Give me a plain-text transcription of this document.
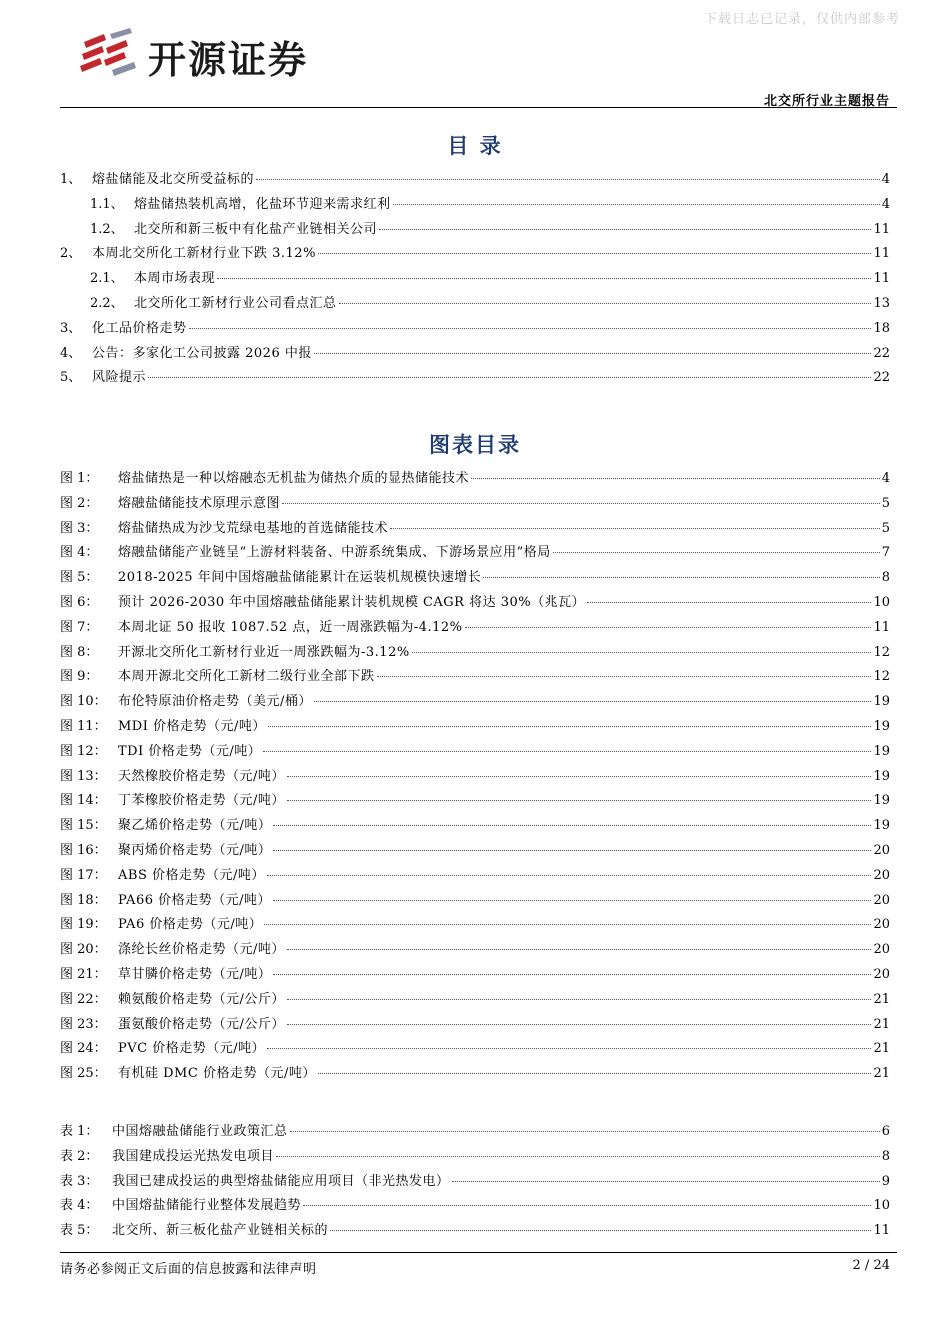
下载日志已记录，仅供内部参考
开源证券
北交所行业主题报告
目 录
1、 熔盐储能及北交所受益标的	4
1.1、 熔盐储热装机高增，化盐环节迎来需求红利	4
1.2、 北交所和新三板中有化盐产业链相关公司	11
2、 本周北交所化工新材行业下跌 3.12%	11
2.1、 本周市场表现	11
2.2、 北交所化工新材行业公司看点汇总	13
3、 化工品价格走势	18
4、 公告：多家化工公司披露 2026 中报	22
5、 风险提示	22
图表目录
图 1：	熔盐储热是一种以熔融态无机盐为储热介质的显热储能技术	4
图 2：	熔融盐储能技术原理示意图	5
图 3：	熔盐储热成为沙戈荒绿电基地的首选储能技术	5
图 4：	熔融盐储能产业链呈“上游材料装备、中游系统集成、下游场景应用”格局	7
图 5：	2018-2025 年间中国熔融盐储能累计在运装机规模快速增长	8
图 6：	预计 2026-2030 年中国熔融盐储能累计装机规模 CAGR 将达 30%（兆瓦）	10
图 7：	本周北证 50 报收 1087.52 点，近一周涨跌幅为-4.12%	11
图 8：	开源北交所化工新材行业近一周涨跌幅为-3.12%	12
图 9：	本周开源北交所化工新材二级行业全部下跌	12
图 10： 布伦特原油价格走势（美元/桶）	19
图 11： MDI 价格走势（元/吨）	19
图 12： TDI 价格走势（元/吨）	19
图 13： 天然橡胶价格走势（元/吨）	19
图 14： 丁苯橡胶价格走势（元/吨）	19
图 15： 聚乙烯价格走势（元/吨）	19
图 16： 聚丙烯价格走势（元/吨）	20
图 17： ABS 价格走势（元/吨）	20
图 18： PA66 价格走势（元/吨）	20
图 19： PA6 价格走势（元/吨）	20
图 20： 涤纶长丝价格走势（元/吨）	20
图 21： 草甘膦价格走势（元/吨）	20
图 22： 赖氨酸价格走势（元/公斤）	21
图 23： 蛋氨酸价格走势（元/公斤）	21
图 24： PVC 价格走势（元/吨）	21
图 25： 有机硅 DMC 价格走势（元/吨）	21
表 1：	中国熔融盐储能行业政策汇总	6
表 2：	我国建成投运光热发电项目	8
表 3：	我国已建成投运的典型熔盐储能应用项目（非光热发电）	9
表 4：	中国熔盐储能行业整体发展趋势	10
表 5：	北交所、新三板化盐产业链相关标的	11
请务必参阅正文后面的信息披露和法律声明	2 / 24
